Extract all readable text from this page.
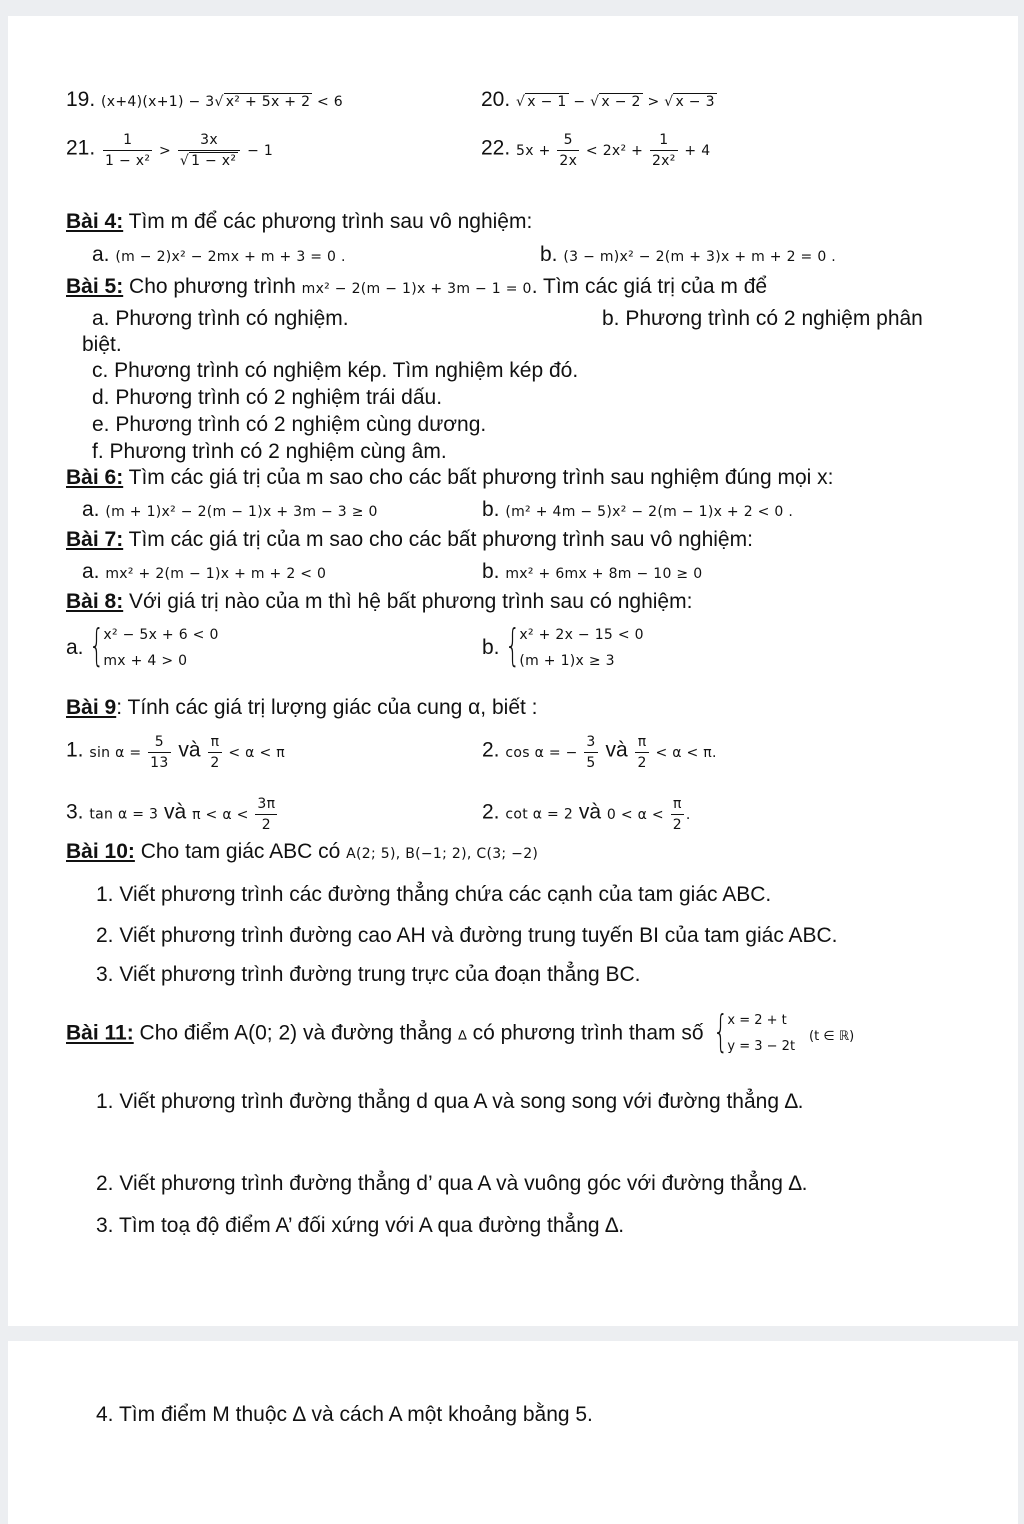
19. (x+4)(x+1) − 3√ x² + 5x + 2 < 6	20. √ x − 1 − √ x − 2 > √ x − 3
21. $\frac{1}{\text{1 − x²}} > \frac{3x}{\text{√ 1 − x²}} - 1$	22. $5x + \frac{5}{2x} < 2x^2 + \frac{1}{\text{2x²}} + 4$
Bài 4: Tìm m để các phương trình sau vô nghiệm:
a. (m − 2)x² − 2mx + m + 3 = 0 .	b. (3 − m)x² − 2(m + 3)x + m + 2 = 0 .
Bài 5: Cho phương trình mx² − 2(m − 1)x + 3m − 1 = 0. Tìm các giá trị của m để
a. Phương trình có nghiệm.	b. Phương trình có 2 nghiệm phân
biệt.
c. Phương trình có nghiệm kép. Tìm nghiệm kép đó.
d. Phương trình có 2 nghiệm trái dấu.
e. Phương trình có 2 nghiệm cùng dương.
f. Phương trình có 2 nghiệm cùng âm.
Bài 6: Tìm các giá trị của m sao cho các bất phương trình sau nghiệm đúng mọi x:
a. (m + 1)x² − 2(m − 1)x + 3m − 3 ≥ 0	b. (m² + 4m − 5)x² − 2(m − 1)x + 2 < 0 .
Bài 7: Tìm các giá trị của m sao cho các bất phương trình sau vô nghiệm:
a. mx² + 2(m − 1)x + m + 2 < 0	b. mx² + 6mx + 8m − 10 ≥ 0
Bài 8: Với giá trị nào của m thì hệ bất phương trình sau có nghiệm:
a. {
x² − 5x + 6 < 0
mx + 4 > 0
b. {
x² + 2x − 15 < 0
(m + 1)x ≥ 3
Bài 9: Tính các giá trị lượng giác của cung α, biết :
1. $\sin \alpha = \frac{5}{13}$ và $\frac{\pi}{2} < \alpha < \pi$	2. cos α = − $\frac{3}{5}$ và $\frac{\pi}{2} < \alpha < \pi$.
3. tan α = 3 và $\pi < \alpha < \frac{3\pi}{2}$	2. cot α = 2 và $0 < \alpha < \frac{\pi}{2}$ .
Bài 10: Cho tam giác ABC có A(2; 5), B(−1; 2), C(3; −2)
1. Viết phương trình các đường thẳng chứa các cạnh của tam giác ABC.
2. Viết phương trình đường cao AH và đường trung tuyến BI của tam giác ABC.
3. Viết phương trình đường trung trực của đoạn thẳng BC.
Bài 11: Cho điểm A(0; 2) và đường thẳng ∆ có phương trình tham số {
x = 2 + t
y = 3 − 2t
(t ∈ ℝ)
1. Viết phương trình đường thẳng d qua A và song song với đường thẳng ∆.
2. Viết phương trình đường thẳng d’ qua A và vuông góc với đường thẳng ∆.
3. Tìm toạ độ điểm A’ đối xứng với A qua đường thẳng ∆.
4. Tìm điểm M thuộc ∆ và cách A một khoảng bằng 5.
